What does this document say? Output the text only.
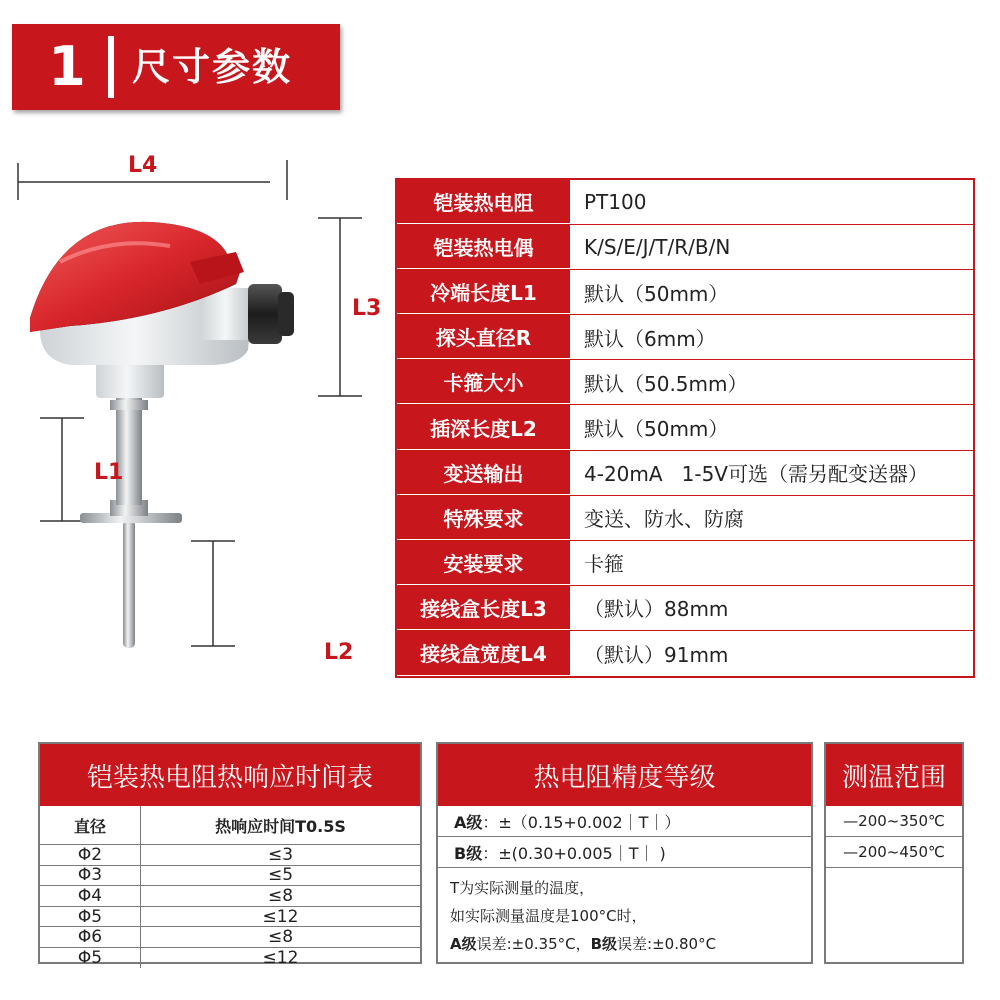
1	尺寸参数
L4
L3
L1
L2
铠装热电阻	PT100
铠装热电偶	K/S/E/J/T/R/B/N
冷端长度L1	默认（50mm）
探头直径R	默认（6mm）
卡箍大小	默认（50.5mm）
插深长度L2	默认（50mm）
变送输出	4-20mA   1-5V可选（需另配变送器）
特殊要求	变送、防水、防腐
安装要求	卡箍
接线盒长度L3	（默认）88mm
接线盒宽度L4	（默认）91mm
铠装热电阻热响应时间表
直径	热响应时间T0.5S
Φ2	≤3
Φ3	≤5
Φ4	≤8
Φ5	≤12
Φ6	≤8
Φ5	≤12
热电阻精度等级
A级 ：±（0.15+0.002｜T｜）
B级 ：±(0.30+0.005｜T｜ )
T为实际测量的温度，
如实际测量温度是100°C时，
A级误差:±0.35°C，B级误差:±0.80°C
测温范围
—200~350℃
—200~450℃
